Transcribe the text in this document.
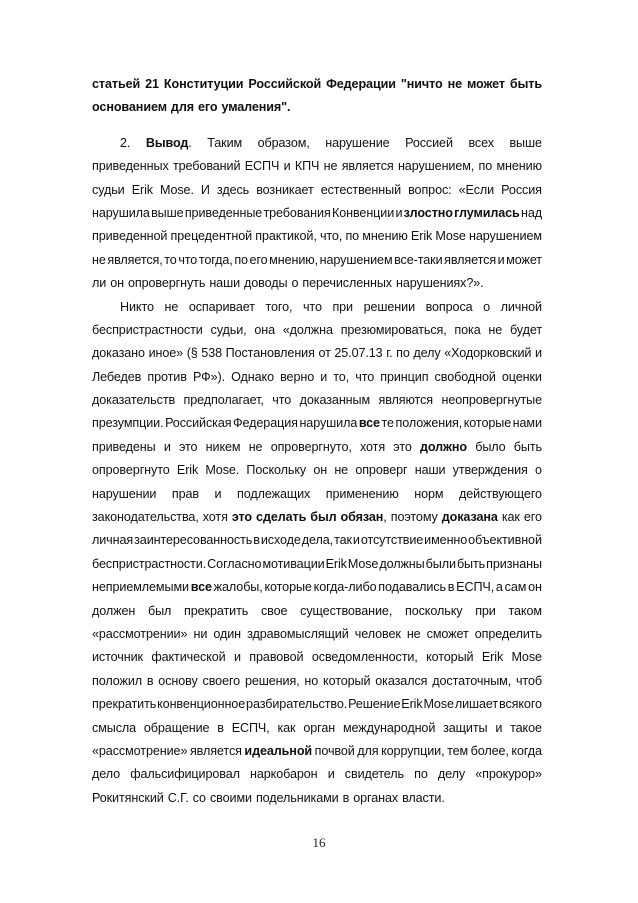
статьей 21 Конституции Российской Федерации "ничто не может быть
основанием для его умаления".
2. Вывод. Таким образом, нарушение Россией всех выше
приведенных требований ЕСПЧ и КПЧ не является нарушением, по мнению
судьи Erik Mose. И здесь возникает естественный вопрос: «Если Россия
нарушила выше приведенные требования Конвенции и злостно глумилась над
приведенной прецедентной практикой, что, по мнению Erik Mose нарушением
не является, то что тогда, по его мнению, нарушением все-таки является и может
ли он опровергнуть наши доводы о перечисленных нарушениях?».
Никто не оспаривает того, что при решении вопроса о личной
беспристрастности судьи, она «должна презюмироваться, пока не будет
доказано иное» (§ 538 Постановления от 25.07.13 г. по делу «Ходорковский и
Лебедев против РФ»). Однако верно и то, что принцип свободной оценки
доказательств предполагает, что доказанным являются неопровергнутые
презумпции. Российская Федерация нарушила все те положения, которые нами
приведены и это никем не опровергнуто, хотя это должно было быть
опровергнуто Erik Mose. Поскольку он не опроверг наши утверждения о
нарушении прав и подлежащих применению норм действующего
законодательства, хотя это сделать был обязан, поэтому доказана как его
личная заинтересованность в исходе дела, так и отсутствие именно объективной
беспристрастности. Согласно мотивации Erik Mose должны были быть признаны
неприемлемыми все жалобы, которые когда-либо подавались в ЕСПЧ, а сам он
должен был прекратить свое существование, поскольку при таком
«рассмотрении» ни один здравомыслящий человек не сможет определить
источник фактической и правовой осведомленности, который Erik Mose
положил в основу своего решения, но который оказался достаточным, чтоб
прекратить конвенционное разбирательство. Решение Erik Mose лишает всякого
смысла обращение в ЕСПЧ, как орган международной защиты и такое
«рассмотрение» является идеальной почвой для коррупции, тем более, когда
дело фальсифицировал наркобарон и свидетель по делу «прокурор»
Рокитянский С.Г. со своими подельниками в органах власти.
16
